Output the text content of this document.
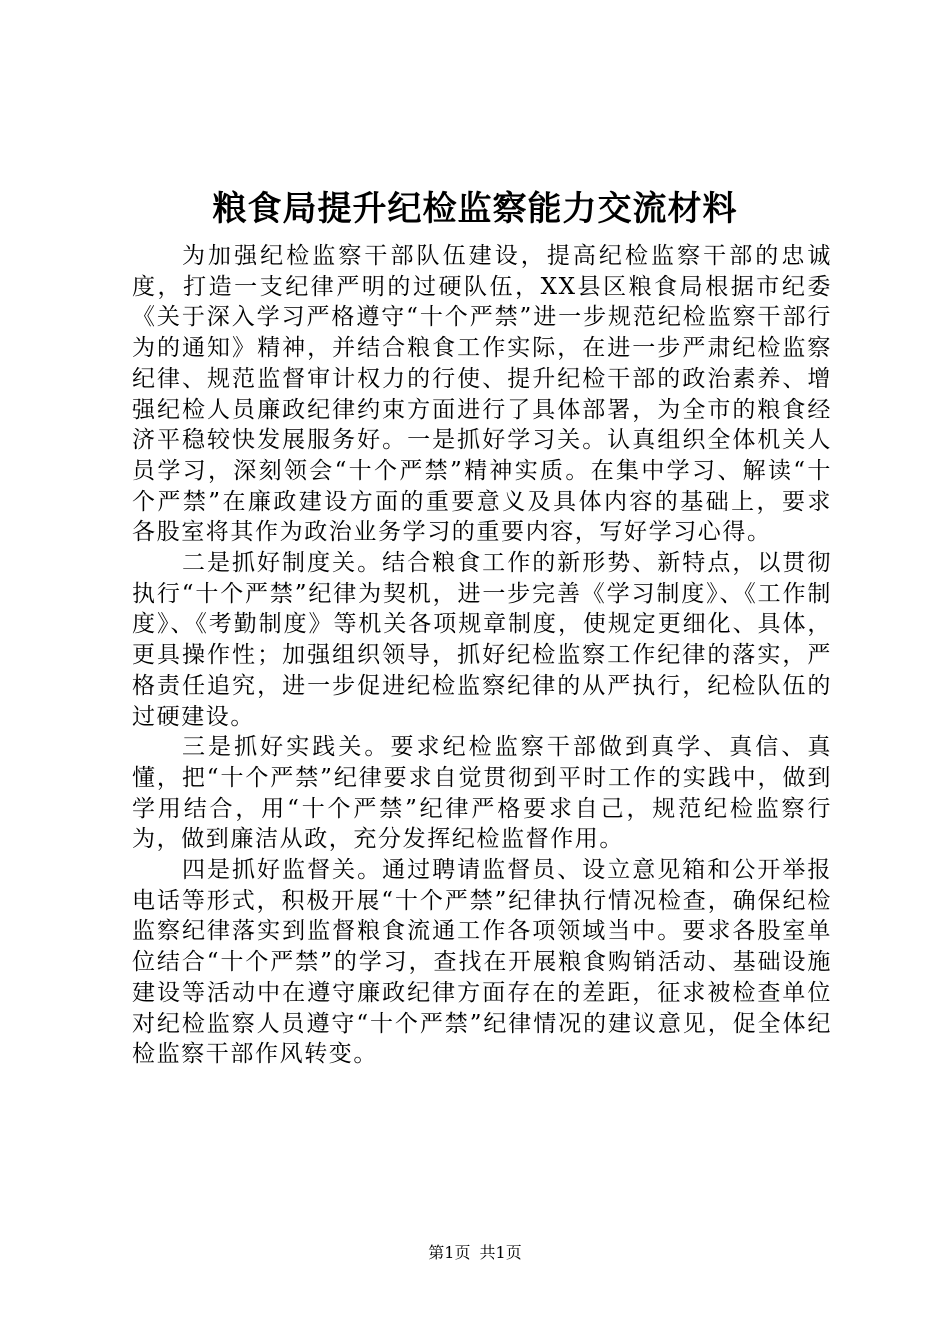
粮食局提升纪检监察能力交流材料

为加强纪检监察干部队伍建设，提高纪检监察干部的忠诚度，打造一支纪律严明的过硬队伍，XX县区粮食局根据市纪委《关于深入学习严格遵守“十个严禁”进一步规范纪检监察干部行为的通知》精神，并结合粮食工作实际，在进一步严肃纪检监察纪律、规范监督审计权力的行使、提升纪检干部的政治素养、增强纪检人员廉政纪律约束方面进行了具体部署，为全市的粮食经济平稳较快发展服务好。一是抓好学习关。认真组织全体机关人员学习，深刻领会“十个严禁”精神实质。在集中学习、解读“十个严禁”在廉政建设方面的重要意义及具体内容的基础上，要求各股室将其作为政治业务学习的重要内容，写好学习心得。

二是抓好制度关。结合粮食工作的新形势、新特点，以贯彻执行“十个严禁”纪律为契机，进一步完善《学习制度》、《工作制度》、《考勤制度》等机关各项规章制度，使规定更细化、具体，更具操作性；加强组织领导，抓好纪检监察工作纪律的落实，严格责任追究，进一步促进纪检监察纪律的从严执行，纪检队伍的过硬建设。

三是抓好实践关。要求纪检监察干部做到真学、真信、真懂，把“十个严禁”纪律要求自觉贯彻到平时工作的实践中，做到学用结合，用“十个严禁”纪律严格要求自己，规范纪检监察行为，做到廉洁从政，充分发挥纪检监督作用。

四是抓好监督关。通过聘请监督员、设立意见箱和公开举报电话等形式，积极开展“十个严禁”纪律执行情况检查，确保纪检监察纪律落实到监督粮食流通工作各项领域当中。要求各股室单位结合“十个严禁”的学习，查找在开展粮食购销活动、基础设施建设等活动中在遵守廉政纪律方面存在的差距，征求被检查单位对纪检监察人员遵守“十个严禁”纪律情况的建议意见，促全体纪检监察干部作风转变。

第1页 共1页
